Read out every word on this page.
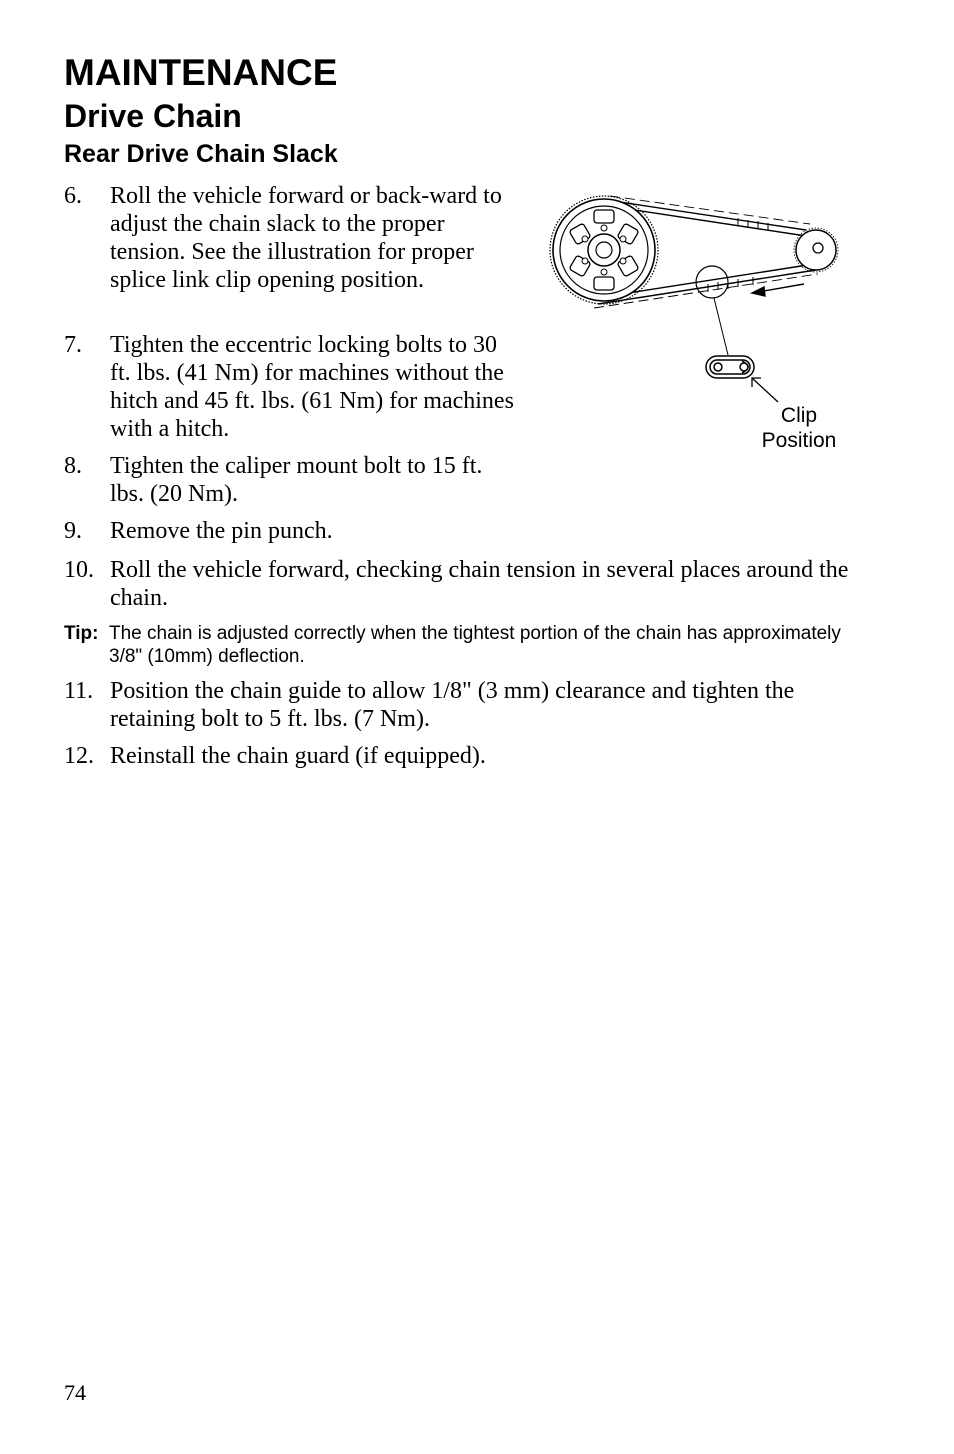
MAINTENANCE
Drive Chain
Rear Drive Chain Slack
6. Roll the vehicle forward or back-ward to adjust the chain slack to the proper tension. See the illustration for proper splice link clip opening position.
7. Tighten the eccentric locking bolts to 30 ft. lbs. (41 Nm) for machines without the hitch and 45 ft. lbs. (61 Nm) for machines with a hitch.
8. Tighten the caliper mount bolt to 15 ft. lbs. (20 Nm).
9. Remove the pin punch.
10. Roll the vehicle forward, checking chain tension in several places around the chain.
Tip: The chain is adjusted correctly when the tightest portion of the chain has approximately 3/8" (10mm) deflection.
11. Position the chain guide to allow 1/8" (3 mm) clearance and tighten the retaining bolt to 5 ft. lbs. (7 Nm).
12. Reinstall the chain guard (if equipped).
Clip
Position
74
